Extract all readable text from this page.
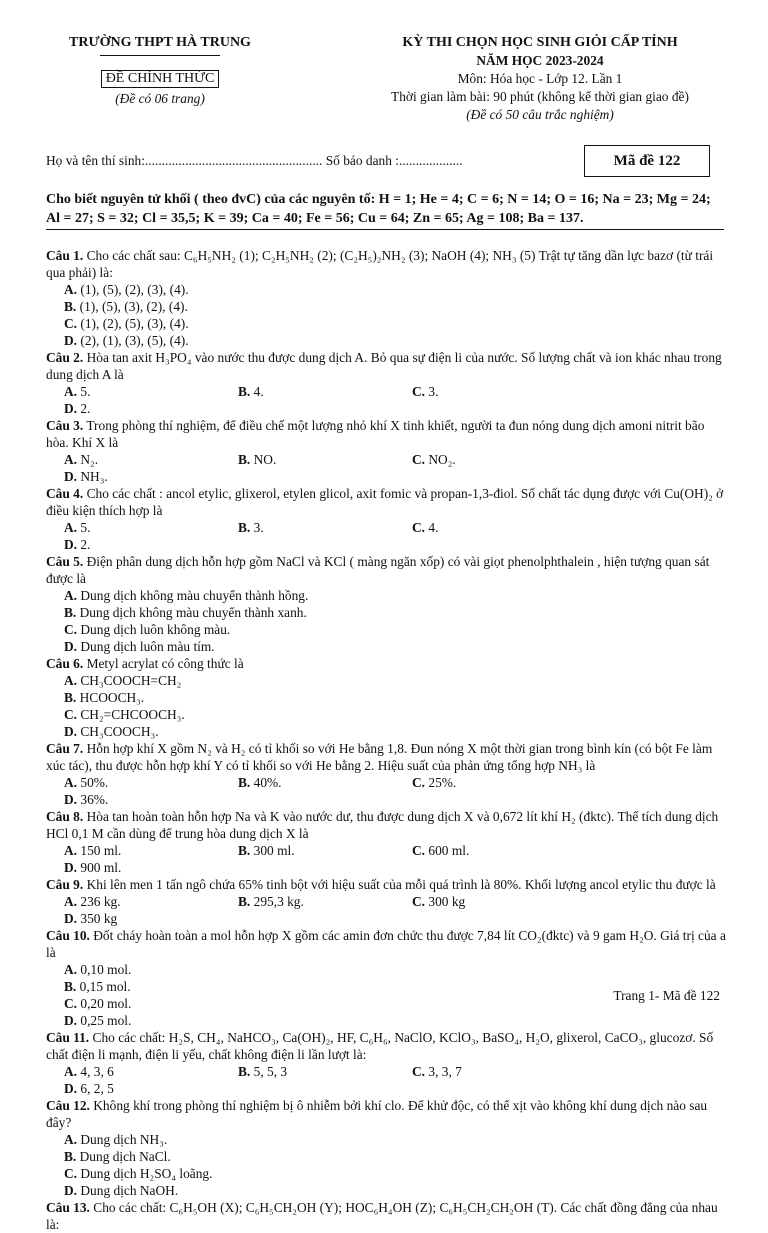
TRƯỜNG THPT HÀ TRUNG
ĐỀ CHÍNH THỨC
(Đề có 06 trang)
KỲ THI CHỌN HỌC SINH GIỎI CẤP TỈNH
NĂM HỌC 2023-2024
Môn: Hóa học - Lớp 12. Lần 1
Thời gian làm bài: 90 phút (không kể thời gian giao đề)
(Đề có 50 câu trắc nghiệm)
Họ và tên thí sinh:..................................................... Số báo danh :...................	Mã đề 122
Cho biết nguyên tử khối ( theo đvC) của các nguyên tố: H = 1; He = 4; C = 6; N = 14; O = 16; Na = 23; Mg = 24; Al = 27; S = 32; Cl = 35,5; K = 39; Ca = 40; Fe = 56; Cu = 64; Zn = 65; Ag = 108; Ba = 137.
Câu 1. Cho các chất sau: C₆H₅NH₂ (1); C₂H₅NH₂ (2); (C₂H₅)₂NH₂ (3); NaOH (4); NH₃ (5) Trật tự tăng dần lực bazơ (từ trái qua phải) là:
A. (1), (5), (2), (3), (4).
B. (1), (5), (3), (2), (4).
C. (1), (2), (5), (3), (4).
D. (2), (1), (3), (5), (4).
Câu 2. Hòa tan axit H₃PO₄ vào nước thu được dung dịch A. Bỏ qua sự điện li của nước. Số lượng chất và ion khác nhau trong dung dịch A là
A. 5.	B. 4.	C. 3.
D. 2.
Câu 3. Trong phòng thí nghiệm, để điều chế một lượng nhỏ khí X tinh khiết, người ta đun nóng dung dịch amoni nitrit bão hòa. Khí X là
A. N₂.	B. NO.	C. NO₂.
D. NH₃.
Câu 4. Cho các chất : ancol etylic, glixerol, etylen glicol, axit fomic và propan-1,3-điol. Số chất tác dụng được với Cu(OH)₂ ở điều kiện thích hợp là
A. 5.	B. 3.	C. 4.
D. 2.
Câu 5. Điện phân dung dịch hỗn hợp gồm NaCl và KCl ( màng ngăn xốp) có vài giọt phenolphthalein , hiện tượng quan sát được là
A. Dung dịch không màu chuyển thành hồng.
B. Dung dịch không màu chuyển thành xanh.
C. Dung dịch luôn không màu.
D. Dung dịch luôn màu tím.
Câu 6. Metyl acrylat có công thức là
A. CH₃COOCH=CH₂
B. HCOOCH₃.
C. CH₂=CHCOOCH₃.
D. CH₃COOCH₃.
Câu 7. Hỗn hợp khí X gồm N₂ và H₂ có tỉ khối so với He bằng 1,8. Đun nóng X một thời gian trong bình kín (có bột Fe làm xúc tác), thu được hỗn hợp khí Y có tỉ khối so với He bằng 2. Hiệu suất của phản ứng tổng hợp NH₃ là
A. 50%.	B. 40%.	C. 25%.
D. 36%.
Câu 8. Hòa tan hoàn toàn hỗn hợp Na và K vào nước dư, thu được dung dịch X và 0,672 lít khí H₂ (đktc). Thể tích dung dịch HCl 0,1 M cần dùng để trung hòa dung dịch X là
A. 150 ml.	B. 300 ml.	C. 600 ml.
D. 900 ml.
Câu 9. Khi lên men 1 tấn ngô chứa 65% tinh bột với hiệu suất của mỗi quá trình là 80%. Khối lượng ancol etylic thu được là
A. 236 kg.	B. 295,3 kg.	C. 300 kg
D. 350 kg
Câu 10. Đốt cháy hoàn toàn a mol hỗn hợp X gồm các amin đơn chức thu được 7,84 lít CO₂(đktc) và 9 gam H₂O. Giá trị của a là
A. 0,10 mol.
B. 0,15 mol.
C. 0,20 mol.
D. 0,25 mol.
Câu 11. Cho các chất: H₂S, CH₄, NaHCO₃, Ca(OH)₂, HF, C₆H₆, NaClO, KClO₃, BaSO₄, H₂O, glixerol, CaCO₃, glucozơ. Số chất điện li mạnh, điện li yếu, chất không điện li lần lượt là:
A. 4, 3, 6	B. 5, 5, 3	C. 3, 3, 7
D. 6, 2, 5
Câu 12. Không khí trong phòng thí nghiệm bị ô nhiễm bởi khí clo. Để khử độc, có thể xịt vào không khí dung dịch nào sau đây?
A. Dung dịch NH₃.
B. Dung dịch NaCl.
C. Dung dịch H₂SO₄ loãng.
D. Dung dịch NaOH.
Câu 13. Cho các chất: C₆H₅OH (X); C₆H₅CH₂OH (Y); HOC₆H₄OH (Z); C₆H₅CH₂CH₂OH (T). Các chất đồng đẳng của nhau là:
Trang 1- Mã đề 122
